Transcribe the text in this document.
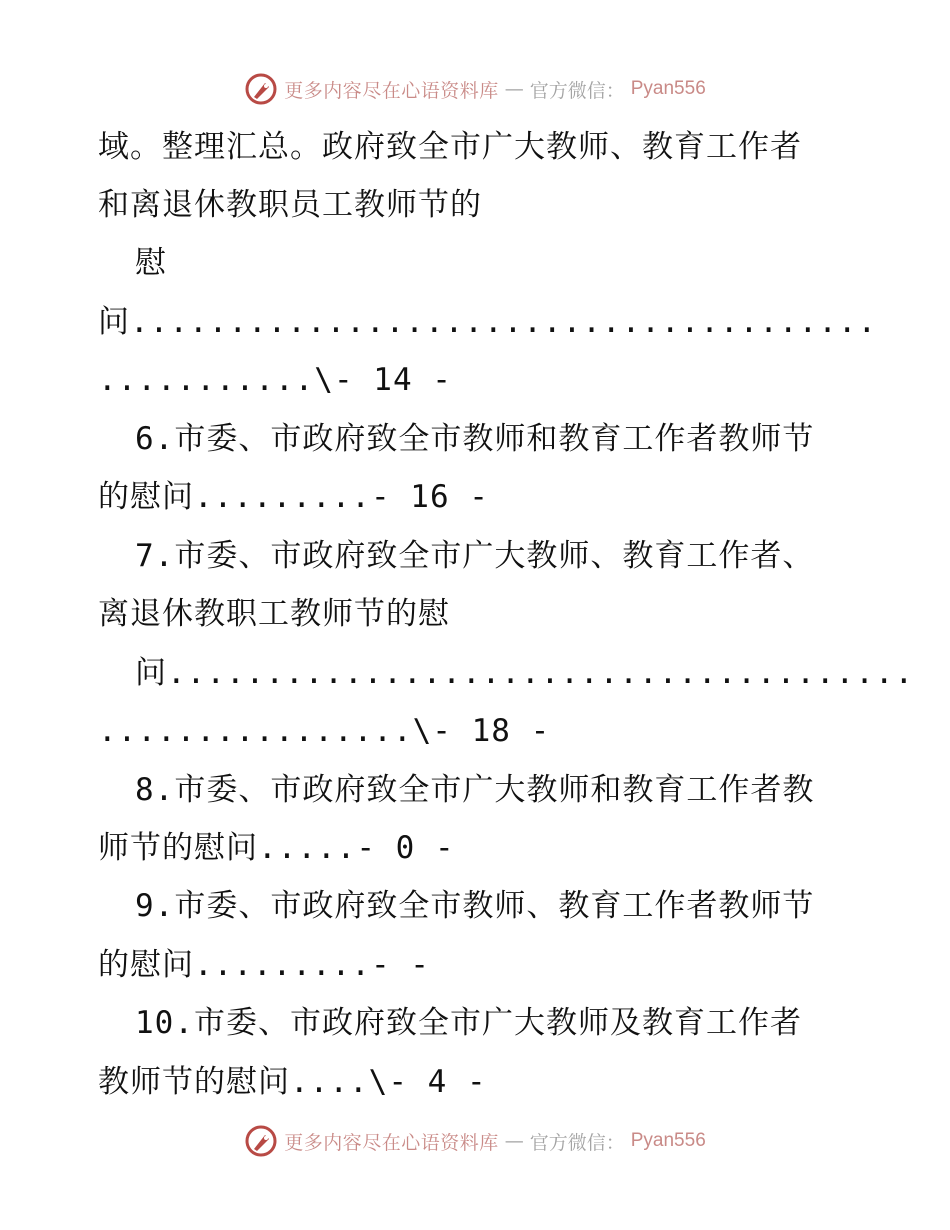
更多内容尽在心语资料库 — 官方微信： Pyan556
域。整理汇总。政府致全市广大教师、教育工作者
和离退休教职员工教师节的
慰
问......................................
...........\- 14 -
6.市委、市政府致全市教师和教育工作者教师节
的慰问.........- 16 -
7.市委、市政府致全市广大教师、教育工作者、
离退休教职工教师节的慰
问......................................
................\- 18 -
8.市委、市政府致全市广大教师和教育工作者教
师节的慰问.....- 0 -
9.市委、市政府致全市教师、教育工作者教师节
的慰问.........- -
10.市委、市政府致全市广大教师及教育工作者
教师节的慰问....\- 4 -
更多内容尽在心语资料库 — 官方微信： Pyan556
